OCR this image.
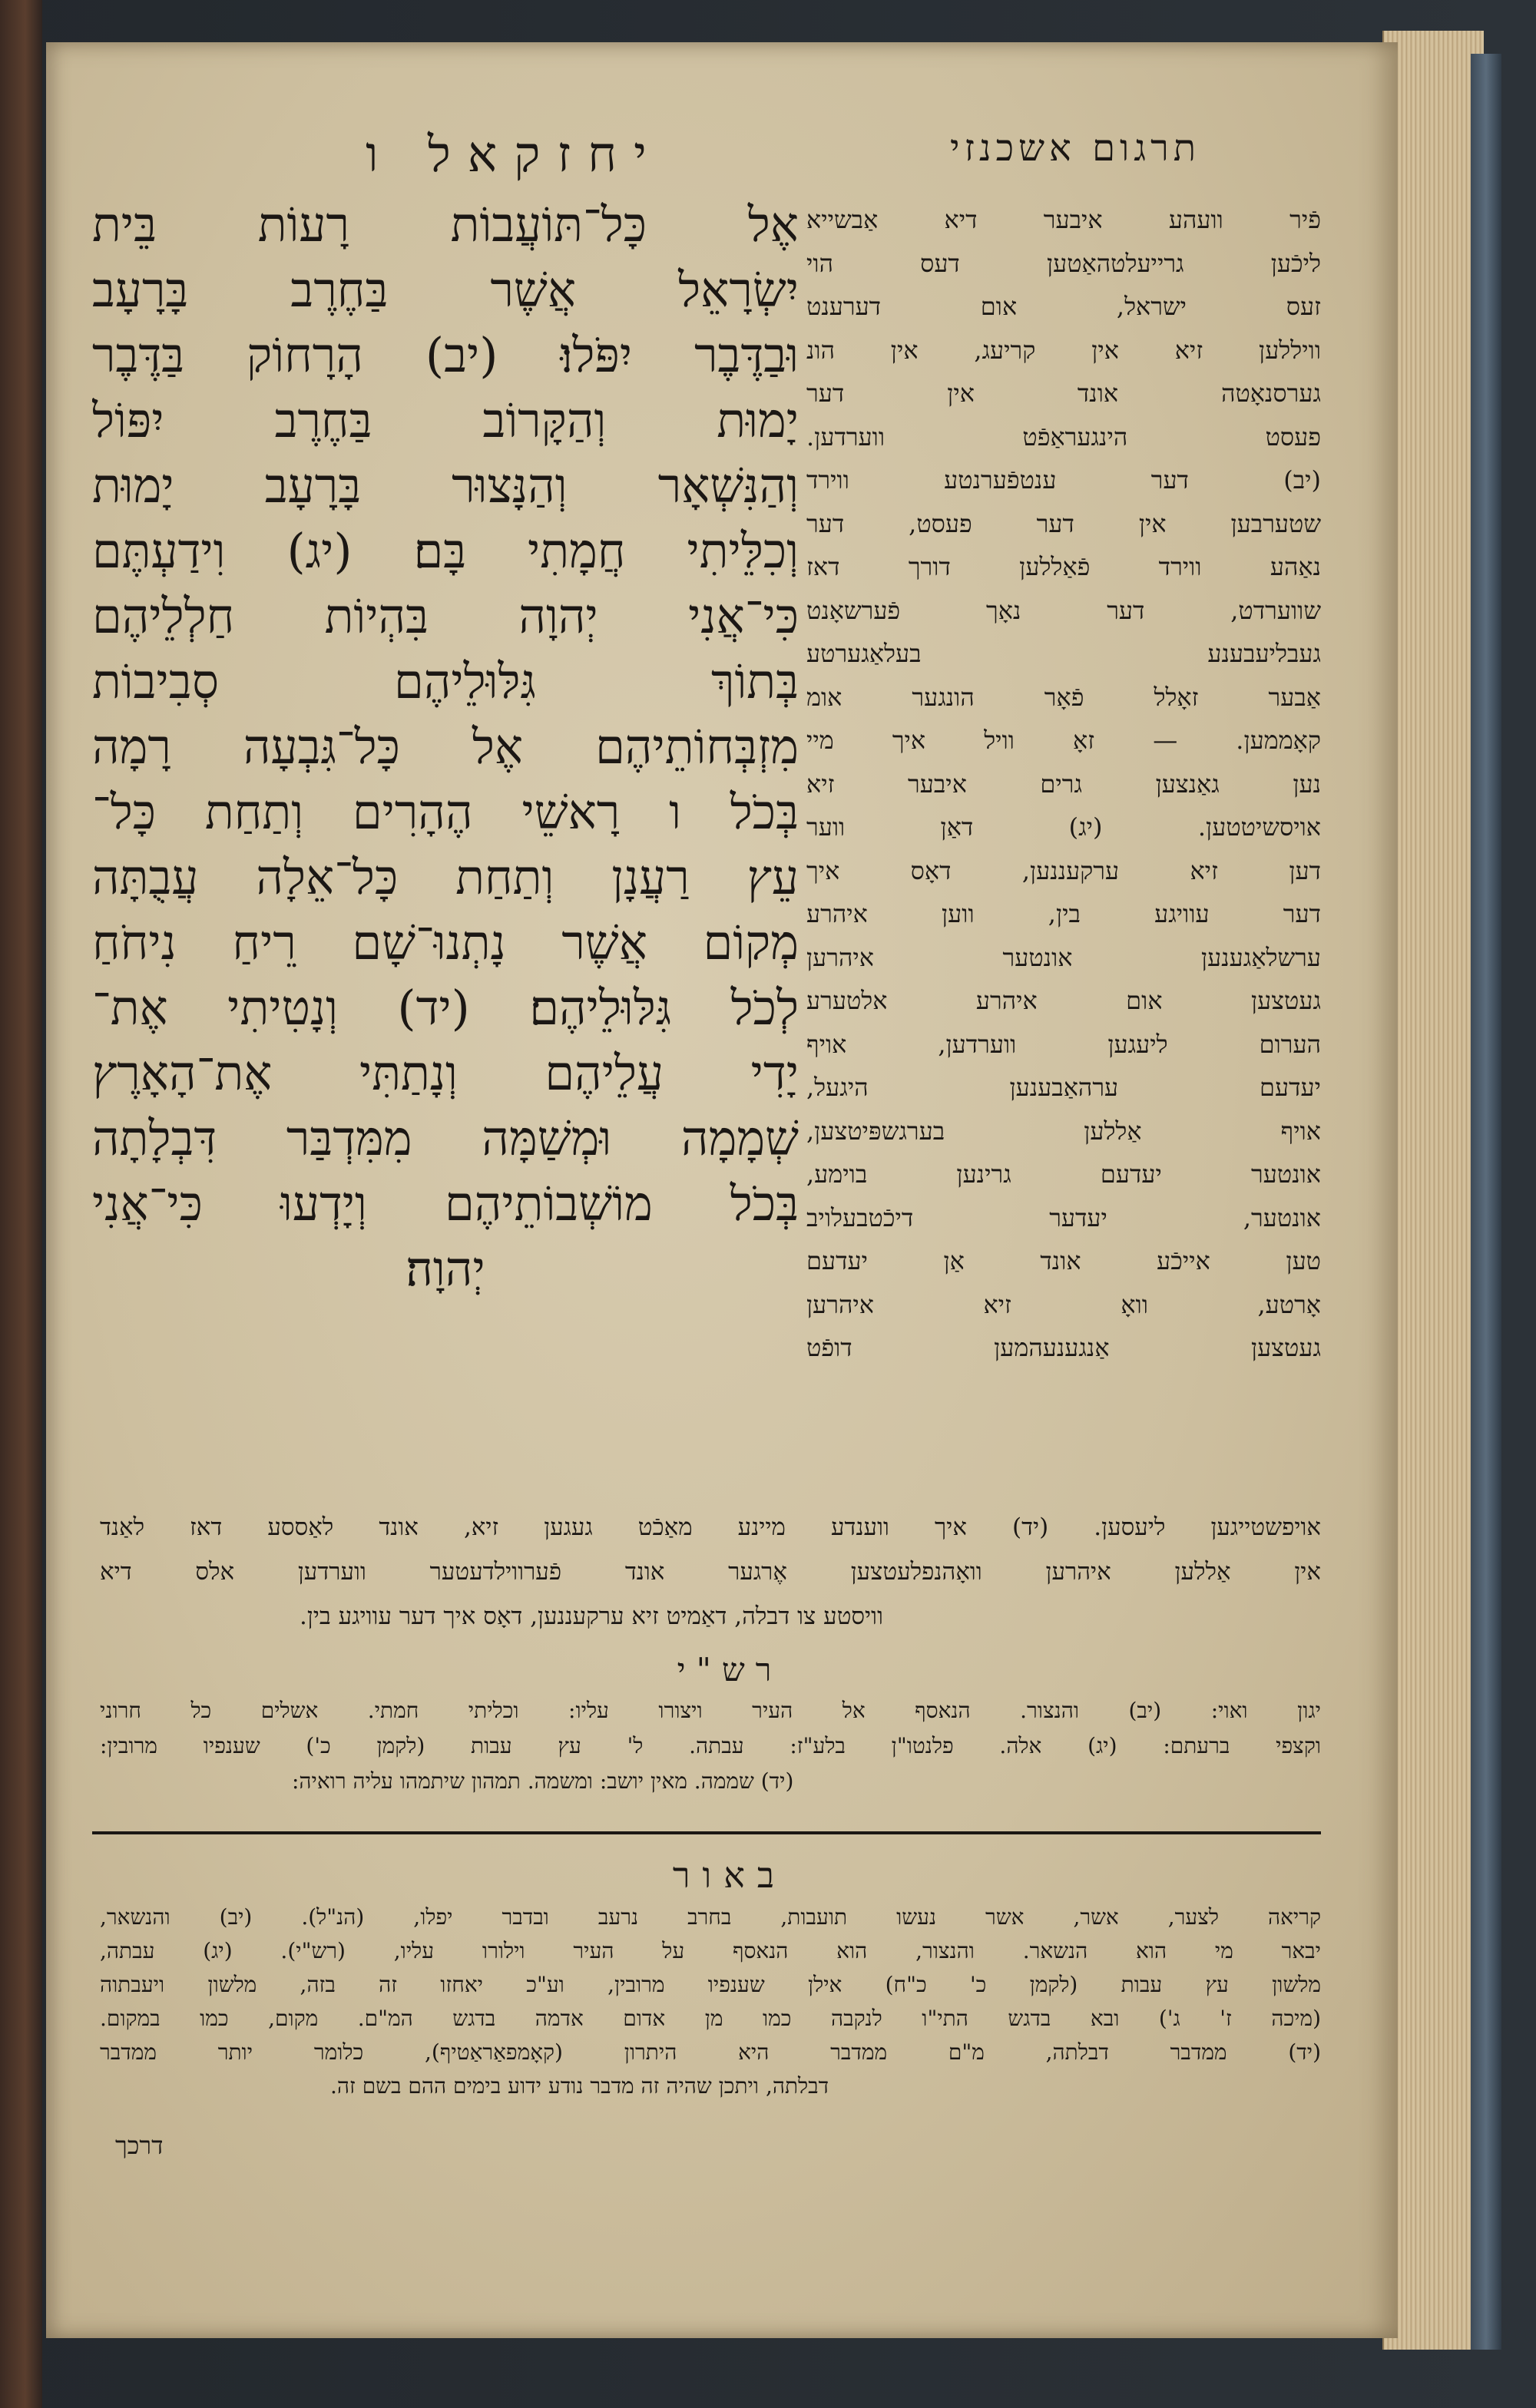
תרגום אשכנזי
יחזקאל ו
אֶל כָּל־תּוֹעֲבוֹת רָעוֹת בֵּית
יִשְׂרָאֵל אֲשֶׁר בַּחֶרֶב בָּרָעָב
וּבַדֶּבֶר יִפֹּלוּ׃ (יב) הָרָחוֹק בַּדֶּבֶר
יָמוּת וְהַקָּרוֹב בַּחֶרֶב יִפּוֹל
וְהַנִּשְׁאָר וְהַנָּצוּר בָּרָעָב יָמוּת
וְכִלֵּיתִי חֲמָתִי בָּם׃ (יג) וִידַעְתֶּם
כִּי־אֲנִי יְהוָה בִּהְיוֹת חַלְלֵיהֶם
בְּתוֹךְ גִּלּוּלֵיהֶם סְבִיבוֹת
מִזְבְּחוֹתֵיהֶם אֶל כָּל־גִּבְעָה רָמָה
בְּכֹל ו רָאשֵׁי הֶהָרִים וְתַחַת כָּל־
עֵץ רַעֲנָן וְתַחַת כָּל־אֵלָה עֲבֻתָּה
מְקוֹם אֲשֶׁר נָתְנוּ־שָׁם רֵיחַ נִיחֹחַ
לְכֹל גִּלּוּלֵיהֶם׃ (יד) וְנָטִיתִי אֶת־
יָדִי עֲלֵיהֶם וְנָתַתִּי אֶת־הָאָרֶץ
שְׁמָמָה וּמְשַׁמָּה מִמִּדְבַּר דִּבְלָתָה
בְּכֹל מוֹשְׁבוֹתֵיהֶם וְיָדְעוּ כִּי־אֲנִי
יְהוָה׃
פֿיר וועהע איבער דיא אַבשייא
ליכֿען גרייעלטהאַטען דעס הוי
זעס ישראל, אום דערענט
וויללען זיא אין קריעג, אין הונ
גערסנאָטה אונד אין דער
פעסט הינגעראַפֿט ווערדען.
(יב) דער ענטפֿערנטע ווירד
שטערבען אין דער פעסט, דער
נאַהע ווירד פֿאַללען דורך דאז
שווערדט, דער נאָך פֿערשאָנט
געבליעבענע בעלאַגערטע
אַבער זאָלל פֿאָר הונגער אומ
קאָממען. — זאָ וויל איך מיי
נען גאַנצען גרים איבער זיא
אויסשיטטען. (יג) דאַן ווער
דען זיא ערקעננען, דאָס איך
דער עוויגע בין, ווען איהרע
ערשלאַגענען אונטער איהרען
געטצען אום איהרע אלטערע
הערום ליעגען ווערדען, אויף
יעדעם ערהאַבענען היגעל,
אויף אַללען בערגשפּיטצען,
אונטער יעדעם גרינען בוימע,
אונטער, יעדער דיכֿטבעלויב
טען אייכֿע אונד אַן יעדעם
אָרטע, וואָ זיא איהרען
געטצען אַנגענעהמען דופֿט
אויפשטייגען ליעסען. (יד) איך ווענדע מיינע מאַכֿט געגען זיא, אונד לאַססע דאז לאַנד
אין אַללען איהרען וואָהנפלעטצען אֶרגער אונד פֿערווילדעטער ווערדען אלס דיא
וויסטע צו דבלה, דאַמיט זיא ערקעננען, דאָס איך דער עוויגע בין.
רש"י
יגון ואוי: (יב) והנצור. הנאסף אל העיר ויצורו עליו: וכליתי חמתי. אשלים כל חרוני
וקצפי ברעתם: (יג) אלה. פלנטו"ן בלע"ז: עבתה. ל' עץ עבות (לקמן כ') שענפיו מרובין:
(יד) שממה. מאין יושב: ומשמה. תמהון שיתמהו עליה רואיה:
באור
קריאה לצער, אשר, אשר נעשו תועבות, בחרב נרעב ובדבר יפלו, (הנ"ל). (יב) והנשאר,
יבאר מי הוא הנשאר. והנצור, הוא הנאסף על העיר וילורו עליו, (רש"י). (יג) עבתה,
מלשון עץ עבות (לקמן כ' כ"ח) אילן שענפיו מרובין, וע"כ יאחזו זה בזה, מלשון ויעבתוה
(מיכה ז' ג') ובא בדגש התי"ו לנקבה כמו מן אדום אדמה בדגש המ"ם. מקום, כמו במקום.
(יד) ממדבר דבלתה, מ"ם ממדבר היא היתרון (קאָמפאַראַטיף), כלומר יותר ממדבר
דבלתה, ויתכן שהיה זה מדבר נודע ידוע בימים ההם בשם זה.
דרכך
